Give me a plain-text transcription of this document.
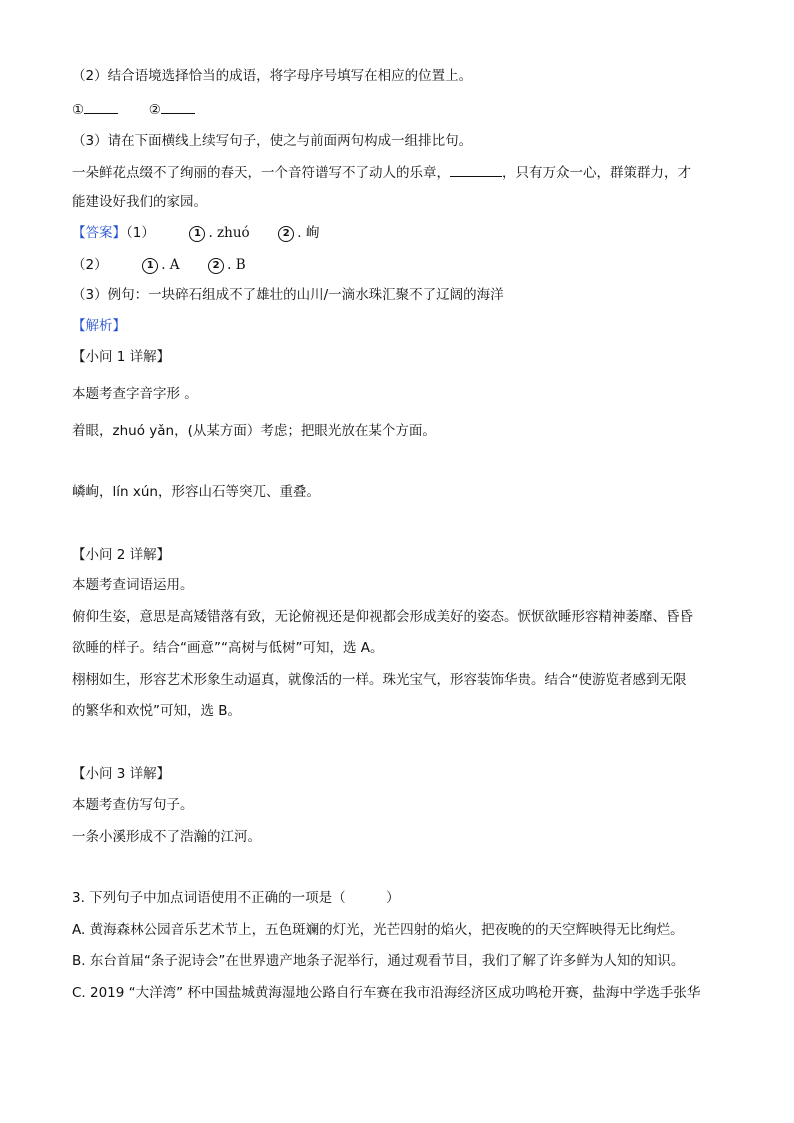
（2）结合语境选择恰当的成语，将字母序号填写在相应的位置上。
①	②
（3）请在下面横线上续写句子，使之与前面两句构成一组排比句。
一朵鲜花点缀不了绚丽的春天，一个音符谱写不了动人的乐章，	，只有万众一心，群策群力，才
能建设好我们的家园。
【答案】（1）	1 . zhuó	2 . 峋
（2）	1 . A	2 . B
（3）例句：一块碎石组成不了雄壮的山川/一滴水珠汇聚不了辽阔的海洋
【解析】
【小问 1 详解】
本题考查字音字形 。
着眼，zhuó yǎn，(从某方面）考虑；把眼光放在某个方面。
嶙峋，lín xún，形容山石等突兀、重叠。
【小问 2 详解】
本题考查词语运用。
俯仰生姿，意思是高矮错落有致，无论俯视还是仰视都会形成美好的姿态。恹恹欲睡形容精神萎靡、昏昏
欲睡的样子。结合“画意”“高树与低树”可知，选 A。
栩栩如生，形容艺术形象生动逼真，就像活的一样。珠光宝气，形容装饰华贵。结合“使游览者感到无限
的繁华和欢悦”可知，选 B。
【小问 3 详解】
本题考查仿写句子。
一条小溪形成不了浩瀚的江河。
3. 下列句子中加点词语使用不正确的一项是（　　　）
A. 黄海森林公园音乐艺术节上，五色斑斓的灯光，光芒四射的焰火，把夜晚的的天空辉映得无比绚烂。
B. 东台首届“条子泥诗会”在世界遗产地条子泥举行，通过观看节目，我们了解了许多鲜为人知的知识。
C. 2019 “大洋湾” 杯中国盐城黄海湿地公路自行车赛在我市沿海经济区成功鸣枪开赛，盐海中学选手张华
